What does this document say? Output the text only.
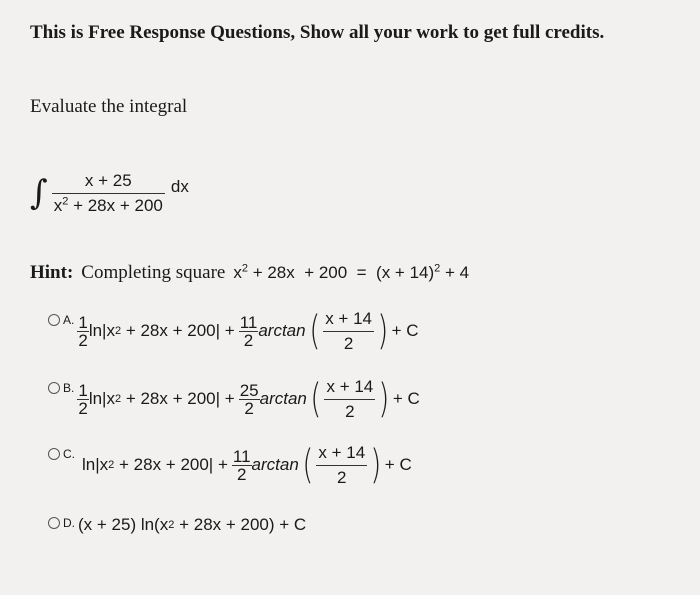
This is Free Response Questions, Show all your work to get full credits.
Evaluate the integral
∫ $\frac{x + 25}{x^2 + 28x + 200}$ dx
Hint: Completing square $x^2 + 28x + 200 = (x + 14)^2 + 4$
A. $\frac{1}{2} \ln|x$ $2 + 28x + 200| + \frac{11}{2}$ arctan ( $\frac{x + 14}{2}$ ) + C
B. $\frac{1}{2} \ln|x$ $2 + 28x + 200| + \frac{25}{2}$ arctan ( $\frac{x + 14}{2}$ ) + C
C.
ln|x $2 + 28x + 200| + \frac{11}{2}$ arctan ( $\frac{x + 14}{2}$ ) + C
D. (x + 25) ln(x 2 + 28x + 200) + C
